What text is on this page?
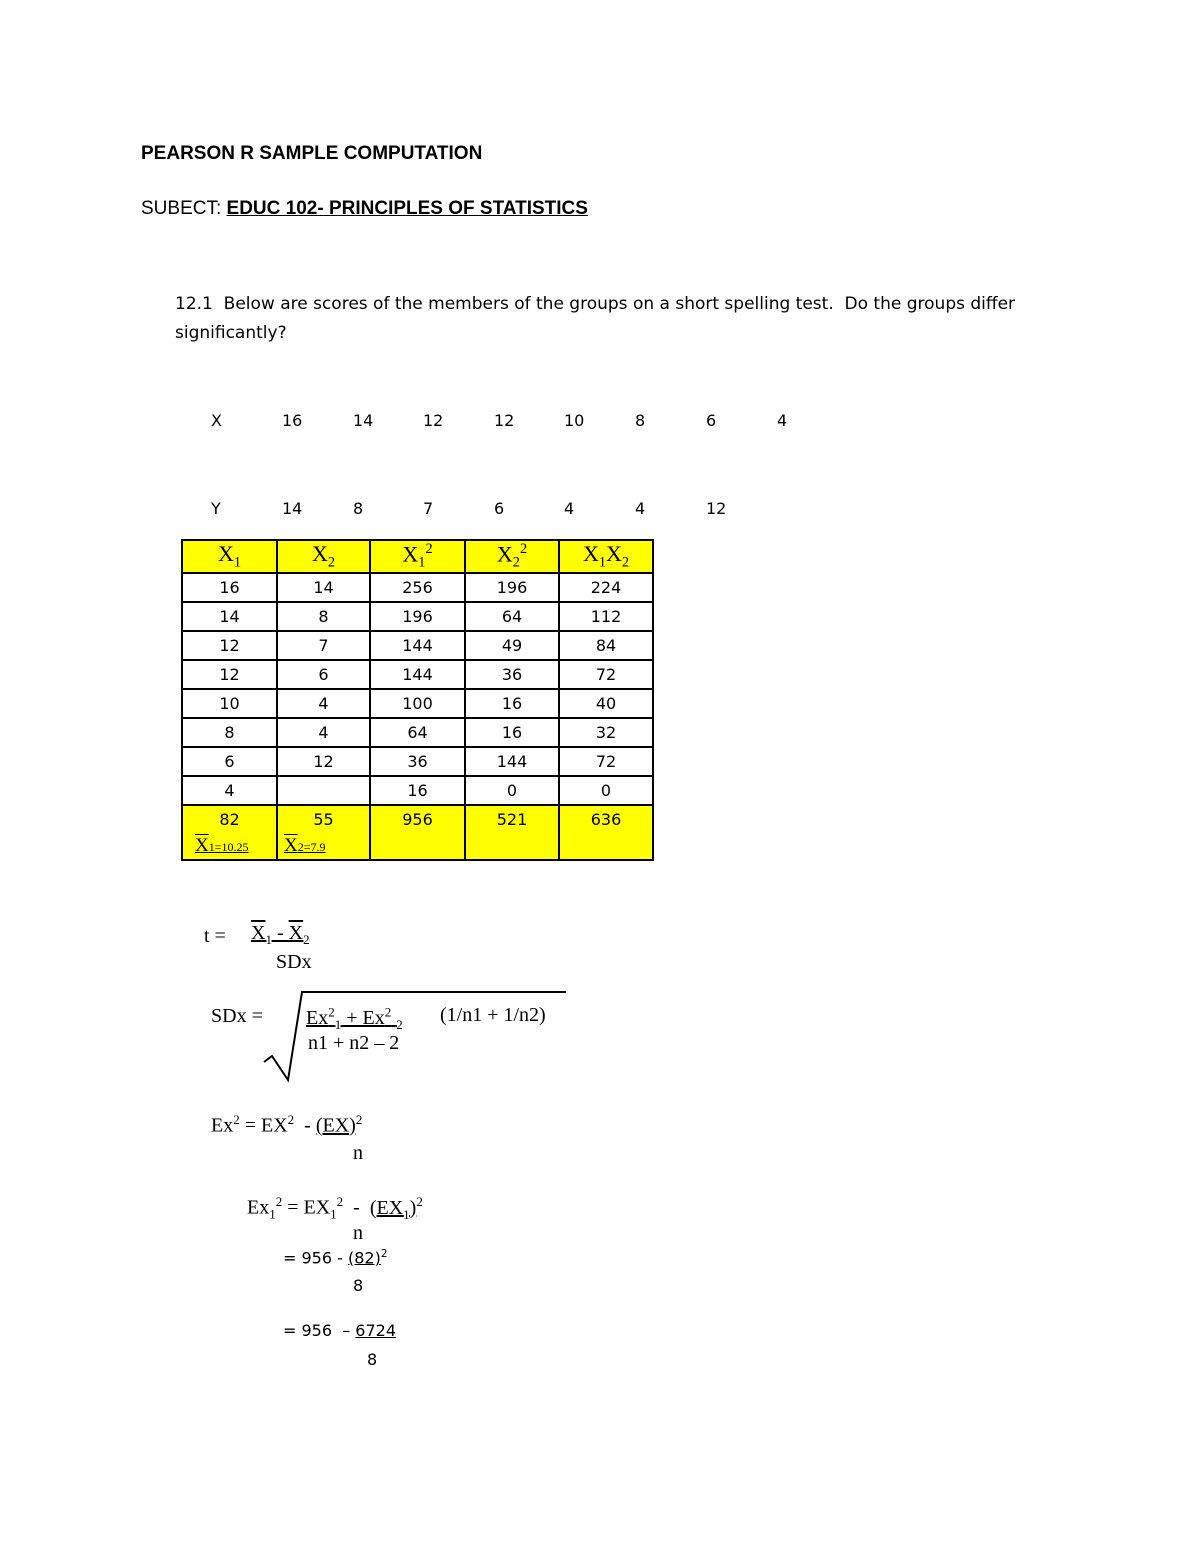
PEARSON R SAMPLE COMPUTATION
SUBECT: EDUC 102- PRINCIPLES OF STATISTICS
12.1  Below are scores of the members of the groups on a short spelling test.  Do the groups differ
significantly?
X	16	14	12	12	10	8	6	4
Y	14	8	7	6	4	4	12
$X_1$	$X_2$	$X_1^2$	$X_2^2$	$X_1X_2$
16	14	256	196	224
14	8	196	64	112
12	7	144	49	84
12	6	144	36	72
10	4	100	16	40
8	4	64	16	32
6	12	36	144	72
4		16	0	0
82	55	956	521	636
X1=10.25	X2=7.9			
$t = X_1 - X_2$
SDx
SDx = $Ex^2_1 + Ex^2$ $_2$ (1/n1 + 1/n2)
n1 + n2 – 2
$Ex^2 = EX^2 - (EX)^2$
n
$Ex_1^2 = EX_1^2 - (EX_1)^2$
n
= $956 - (82)^2$
8
= 956  – 6724
8
